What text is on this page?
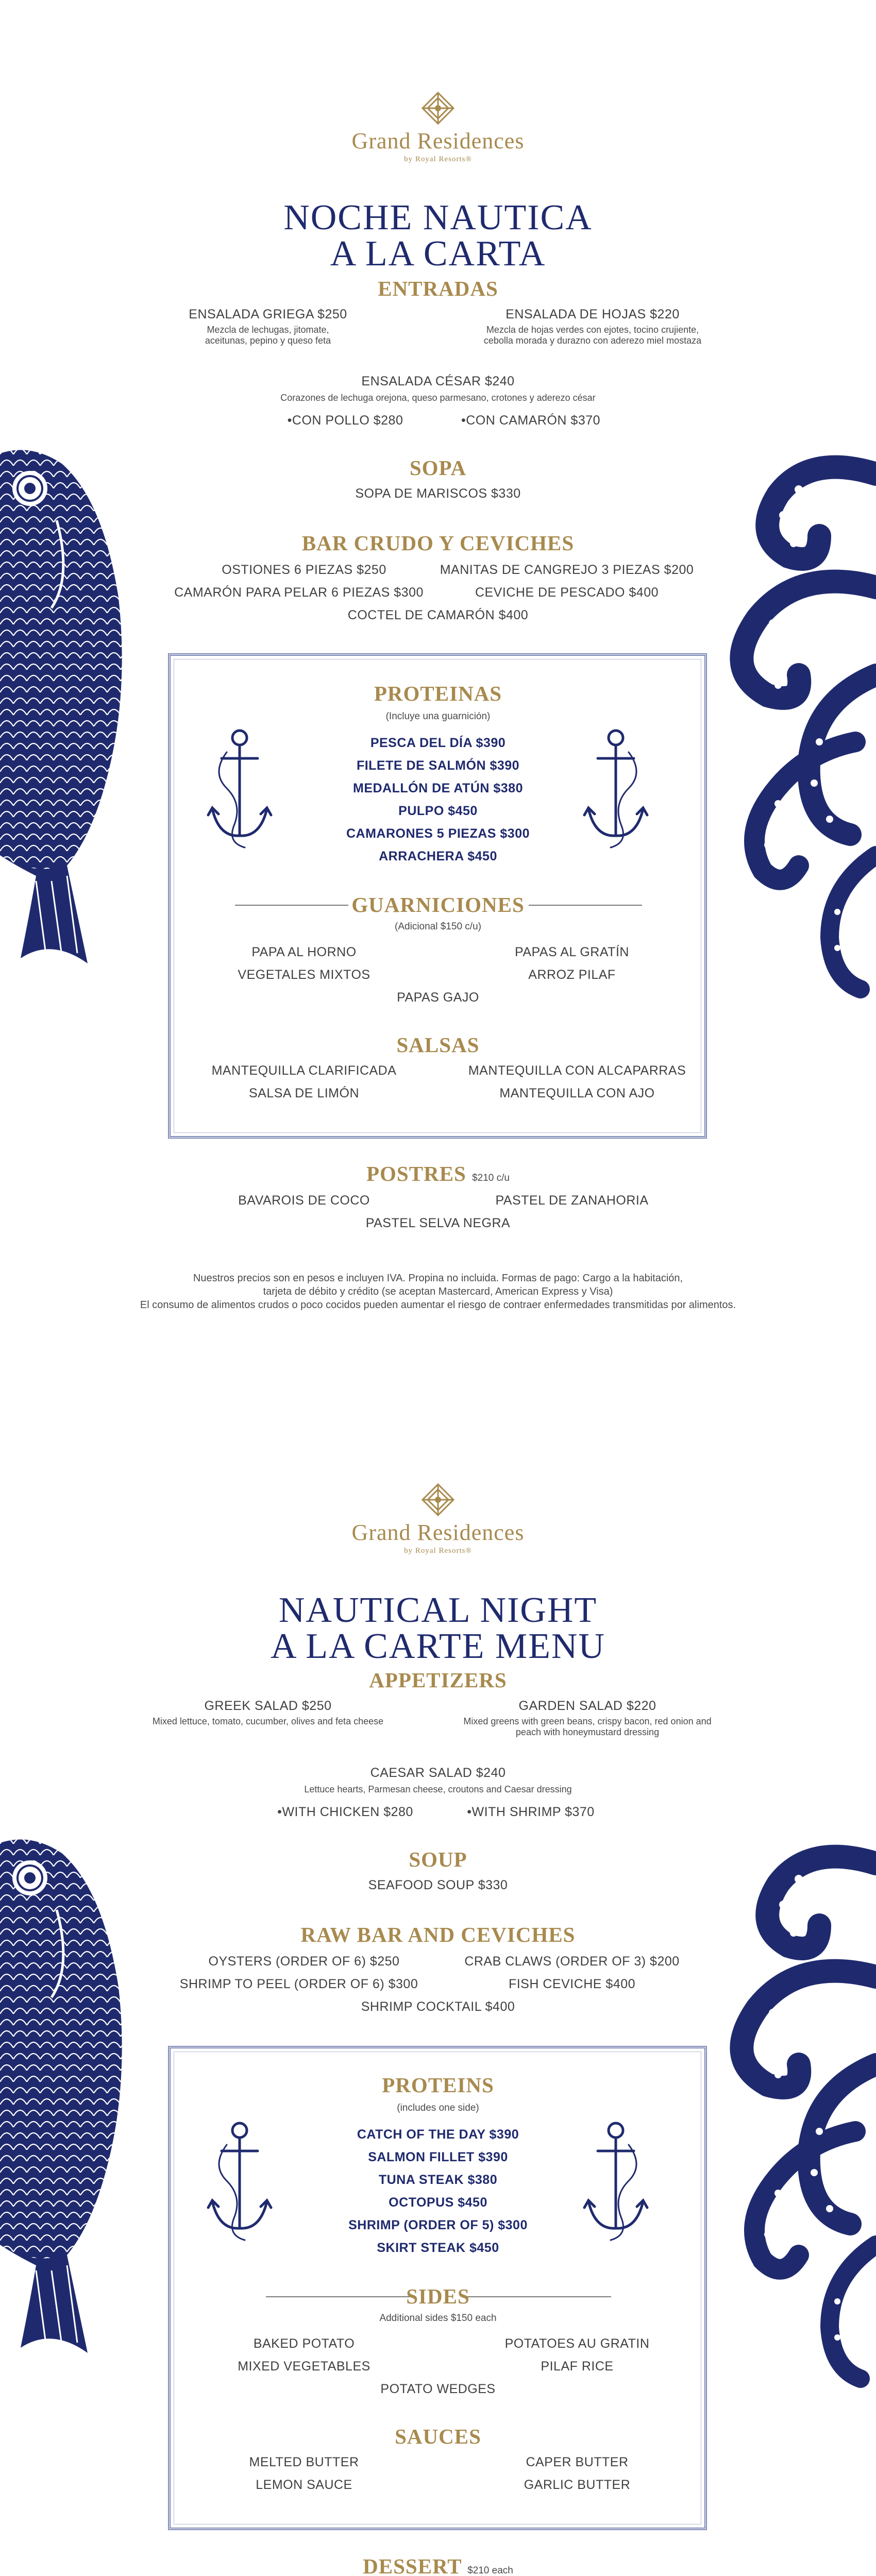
Grand Residences
by Royal Resorts®
NOCHE NAUTICA
A LA CARTA
ENTRADAS
ENSALADA GRIEGA $250
Mezcla de lechugas, jitomate,
aceitunas, pepino y queso feta
ENSALADA DE HOJAS $220
Mezcla de hojas verdes con ejotes, tocino crujiente,
cebolla morada y durazno con aderezo miel mostaza
ENSALADA CÉSAR $240
Corazones de lechuga orejona, queso parmesano, crotones y aderezo césar
•CON POLLO $280	•CON CAMARÓN $370
SOPA
SOPA DE MARISCOS $330
BAR CRUDO Y CEVICHES
OSTIONES 6 PIEZAS $250	MANITAS DE CANGREJO 3 PIEZAS $200
CAMARÓN PARA PELAR 6 PIEZAS $300	CEVICHE DE PESCADO $400
COCTEL DE CAMARÓN $400
PROTEINAS
(Incluye una guarnición)
PESCA DEL DÍA $390
FILETE DE SALMÓN $390
MEDALLÓN DE ATÚN $380
PULPO $450
CAMARONES 5 PIEZAS $300
ARRACHERA $450
GUARNICIONES
(Adicional $150 c/u)
PAPA AL HORNO	PAPAS AL GRATÍN
VEGETALES MIXTOS	ARROZ PILAF
PAPAS GAJO
SALSAS
MANTEQUILLA CLARIFICADA	MANTEQUILLA CON ALCAPARRAS
SALSA DE LIMÓN	MANTEQUILLA CON AJO
POSTRES $210 c/u
BAVAROIS DE COCO	PASTEL DE ZANAHORIA
PASTEL SELVA NEGRA
Nuestros precios son en pesos e incluyen IVA. Propina no incluida. Formas de pago: Cargo a la habitación,
tarjeta de débito y crédito (se aceptan Mastercard, American Express y Visa)
El consumo de alimentos crudos o poco cocidos pueden aumentar el riesgo de contraer enfermedades transmitidas por alimentos.
Grand Residences
by Royal Resorts®
NAUTICAL NIGHT
A LA CARTE MENU
APPETIZERS
GREEK SALAD $250
Mixed lettuce, tomato, cucumber, olives and feta cheese
GARDEN SALAD $220
Mixed greens with green beans, crispy bacon, red onion and
peach with honeymustard dressing
CAESAR SALAD $240
Lettuce hearts, Parmesan cheese, croutons and Caesar dressing
•WITH CHICKEN $280	•WITH SHRIMP $370
SOUP
SEAFOOD SOUP $330
RAW BAR AND CEVICHES
OYSTERS (ORDER OF 6) $250	CRAB CLAWS (ORDER OF 3) $200
SHRIMP TO PEEL (ORDER OF 6) $300	FISH CEVICHE $400
SHRIMP COCKTAIL $400
PROTEINS
(includes one side)
CATCH OF THE DAY $390
SALMON FILLET $390
TUNA STEAK $380
OCTOPUS $450
SHRIMP (ORDER OF 5) $300
SKIRT STEAK $450
SIDES
Additional sides $150 each
BAKED POTATO	POTATOES AU GRATIN
MIXED VEGETABLES	PILAF RICE
POTATO WEDGES
SAUCES
MELTED BUTTER	CAPER BUTTER
LEMON SAUCE	GARLIC BUTTER
DESSERT $210 each
